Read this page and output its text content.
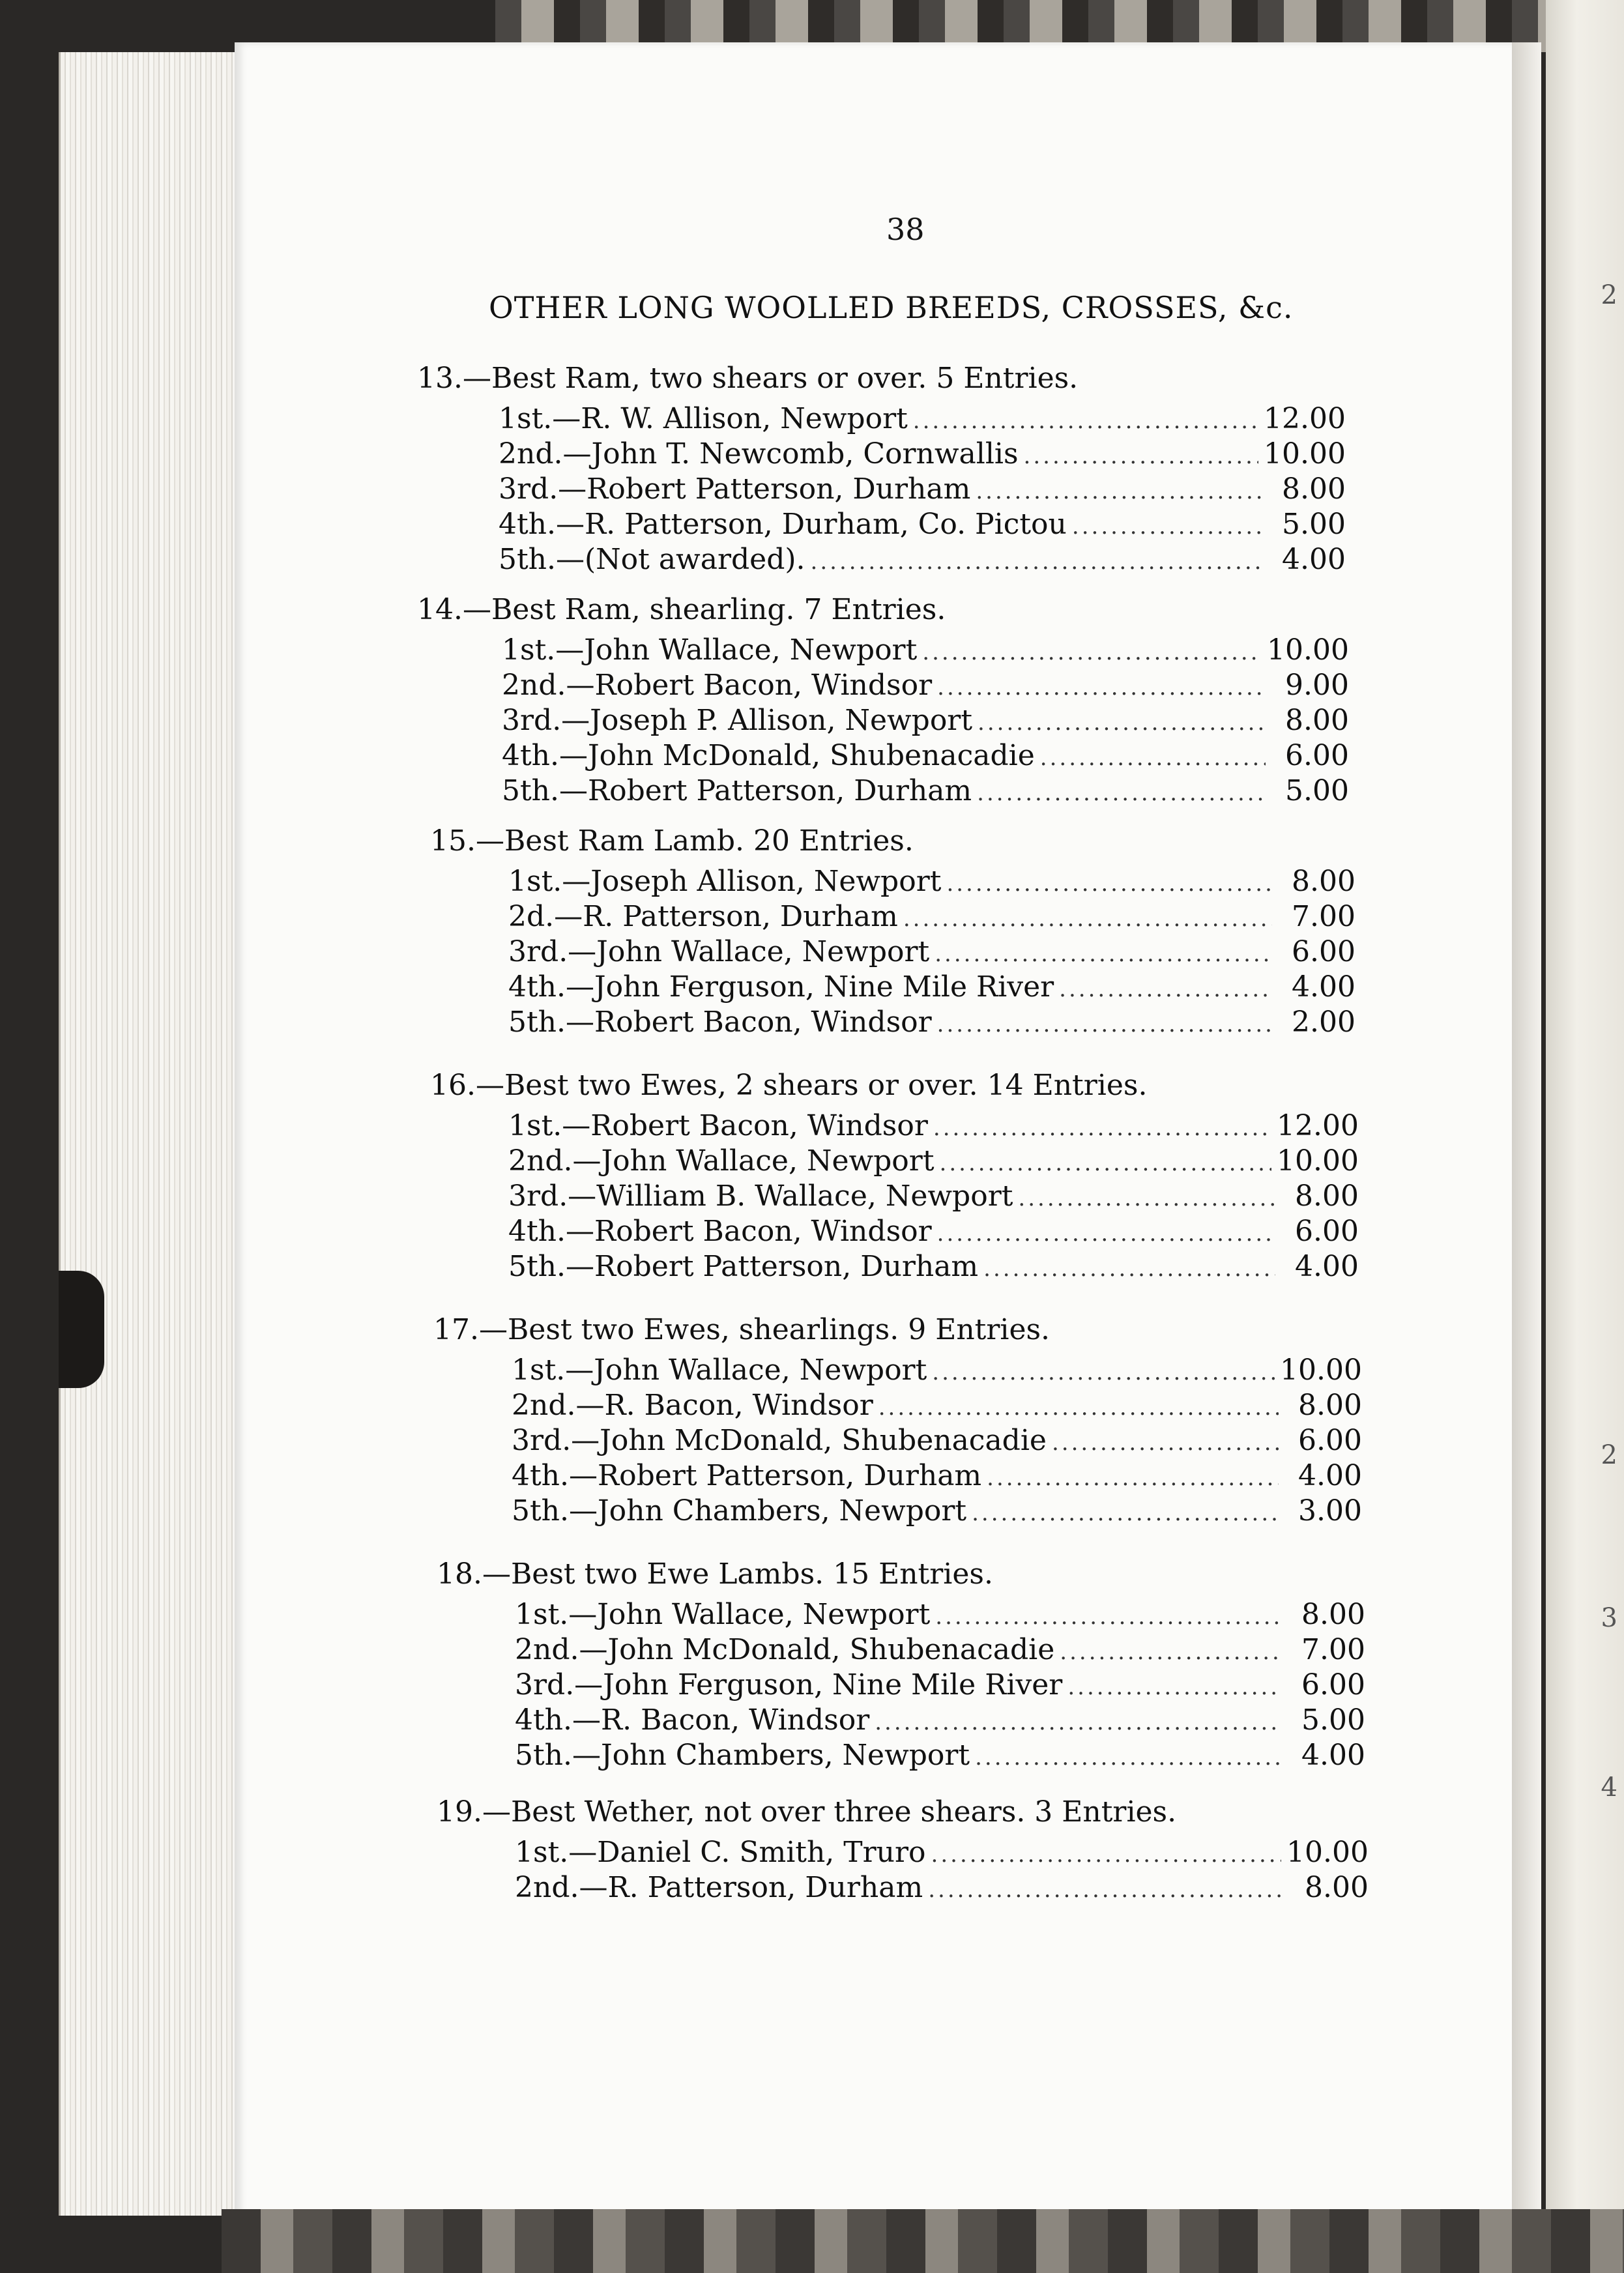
2
2
3
4
38
OTHER LONG WOOLLED BREEDS, CROSSES, &c.
13.—Best Ram, two shears or over. 5 Entries.
1st.—R. W. Allison, Newport .....	12.00
2nd.—John T. Newcomb, Cornwallis .....	10.00
3rd.—Robert Patterson, Durham .....	8.00
4th.—R. Patterson, Durham, Co. Pictou .....	5.00
5th.—(Not awarded). .....	4.00
14.—Best Ram, shearling. 7 Entries.
1st.—John Wallace, Newport .....	10.00
2nd.—Robert Bacon, Windsor .....	9.00
3rd.—Joseph P. Allison, Newport .....	8.00
4th.—John McDonald, Shubenacadie .....	6.00
5th.—Robert Patterson, Durham .....	5.00
15.—Best Ram Lamb. 20 Entries.
1st.—Joseph Allison, Newport .....	8.00
2d.—R. Patterson, Durham .....	7.00
3rd.—John Wallace, Newport .....	6.00
4th.—John Ferguson, Nine Mile River .....	4.00
5th.—Robert Bacon, Windsor .....	2.00
16.—Best two Ewes, 2 shears or over. 14 Entries.
1st.—Robert Bacon, Windsor .....	12.00
2nd.—John Wallace, Newport .....	10.00
3rd.—William B. Wallace, Newport .....	8.00
4th.—Robert Bacon, Windsor .....	6.00
5th.—Robert Patterson, Durham .....	4.00
17.—Best two Ewes, shearlings. 9 Entries.
1st.—John Wallace, Newport .....	10.00
2nd.—R. Bacon, Windsor .....	8.00
3rd.—John McDonald, Shubenacadie .....	6.00
4th.—Robert Patterson, Durham .....	4.00
5th.—John Chambers, Newport .....	3.00
18.—Best two Ewe Lambs. 15 Entries.
1st.—John Wallace, Newport .....	8.00
2nd.—John McDonald, Shubenacadie .....	7.00
3rd.—John Ferguson, Nine Mile River .....	6.00
4th.—R. Bacon, Windsor .....	5.00
5th.—John Chambers, Newport .....	4.00
19.—Best Wether, not over three shears. 3 Entries.
1st.—Daniel C. Smith, Truro .....	10.00
2nd.—R. Patterson, Durham .....	8.00
